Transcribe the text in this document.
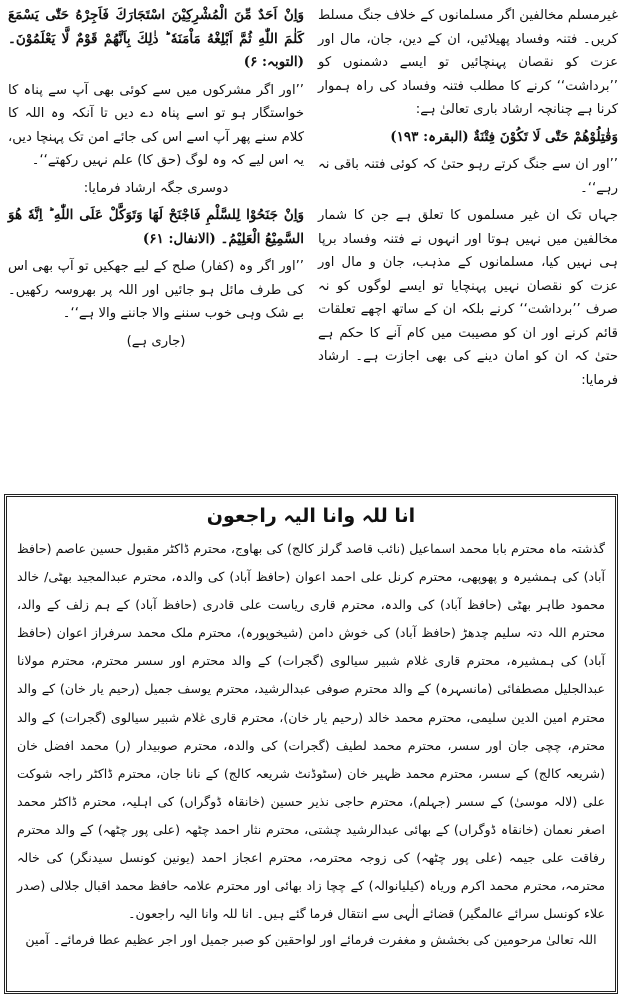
غیرمسلم مخالفین اگر مسلمانوں کے خلاف جنگ مسلط کریں۔ فتنہ وفساد پھیلائیں، ان کے دین، جان، مال اور عزت کو نقصان پہنچائیں تو ایسے دشمنوں کو ’’برداشت‘‘ کرنے کا مطلب فتنہ وفساد کی راہ ہموار کرنا ہے چنانچہ ارشاد باری تعالیٰ ہے:

وَقٰتِلُوْهُمْ حَتّٰى لَا تَكُوْنَ فِتْنَةٌ (البقرہ: ۱۹۳)

’’اور ان سے جنگ کرتے رہو حتیٰ کہ کوئی فتنہ باقی نہ رہے‘‘۔

جہاں تک ان غیر مسلموں کا تعلق ہے جن کا شمار مخالفین میں نہیں ہوتا اور انہوں نے فتنہ وفساد برپا ہی نہیں کیا، مسلمانوں کے مذہب، جان و مال اور عزت کو نقصان نہیں پہنچایا تو ایسے لوگوں کو نہ صرف ’’برداشت‘‘ کرنے بلکہ ان کے ساتھ اچھے تعلقات قائم کرنے اور ان کو مصیبت میں کام آنے کا حکم ہے حتیٰ کہ ان کو امان دینے کی بھی اجازت ہے۔ ارشاد فرمایا:

وَاِنْ اَحَدٌ مِّنَ الْمُشْرِكِيْنَ اسْتَجَارَكَ فَاَجِرْهُ حَتّٰى يَسْمَعَ كَلٰمَ اللّٰهِ ثُمَّ اَبْلِغْهُ مَاْمَنَهٗ ؕ ذٰلِكَ بِاَنَّهُمْ قَوْمٌ لَّا يَعْلَمُوْنَ۔ (التوبہ: ۶)

’’اور اگر مشرکوں میں سے کوئی بھی آپ سے پناہ کا خواستگار ہو تو اسے پناہ دے دیں تا آنکہ وہ اللہ کا کلام سنے پھر آپ اسے اس کی جائے امن تک پہنچا دیں، یہ اس لیے کہ وہ لوگ (حق کا) علم نہیں رکھتے‘‘۔

دوسری جگہ ارشاد فرمایا:

وَاِنْ جَنَحُوْا لِلسَّلْمِ فَاجْنَحْ لَهَا وَتَوَكَّلْ عَلَى اللّٰهِ ؕ اِنَّهٗ هُوَ السَّمِيْعُ الْعَلِيْمُ۔ (الانفال: ۶۱)

’’اور اگر وہ (کفار) صلح کے لیے جھکیں تو آپ بھی اس کی طرف مائل ہو جائیں اور اللہ پر بھروسہ رکھیں۔ بے شک وہی خوب سننے والا جاننے والا ہے‘‘۔

(جاری ہے)

انا للہ وانا الیہ راجعون
گذشتہ ماہ محترم بابا محمد اسماعیل (نائب قاصد گرلز کالج) کی بھاوج، محترم ڈاکٹر مقبول حسین عاصم (حافظ آباد) کی ہمشیرہ و پھوپھی، محترم کرنل علی احمد اعوان (حافظ آباد) کی والدہ، محترم عبدالمجید بھٹی/ خالد محمود طاہر بھٹی (حافظ آباد) کی والدہ، محترم قاری ریاست علی قادری (حافظ آباد) کے ہم زلف کے والد، محترم اللہ دتہ سلیم چدھڑ (حافظ آباد) کی خوش دامن (شیخوپورہ)، محترم ملک محمد سرفراز اعوان (حافظ آباد) کی ہمشیرہ، محترم قاری غلام شبیر سیالوی (گجرات) کے والد محترم اور سسر محترم، محترم مولانا عبدالجلیل مصطفائی (مانسہرہ) کے والد محترم صوفی عبدالرشید، محترم یوسف جمیل (رحیم یار خان) کے والد محترم امین الدین سلیمی، محترم محمد خالد (رحیم یار خان)، محترم قاری غلام شبیر سیالوی (گجرات) کے والد محترم، چچی جان اور سسر، محترم محمد لطیف (گجرات) کی والدہ، محترم صوبیدار (ر) محمد افضل خان (شریعہ کالج) کے سسر، محترم محمد ظہیر خان (سٹوڈنٹ شریعہ کالج) کے نانا جان، محترم ڈاکٹر راجہ شوکت علی (لالہ موسیٰ) کے سسر (جہلم)، محترم حاجی نذیر حسین (خانقاہ ڈوگراں) کی اہلیہ، محترم ڈاکٹر محمد اصغر نعمان (خانقاہ ڈوگراں) کے بھائی عبدالرشید چشتی، محترم نثار احمد چٹھہ (علی پور چٹھہ) کے والد محترم رفاقت علی جیمہ (علی پور چٹھہ) کی زوجہ محترمہ، محترم اعجاز احمد (یونین کونسل سیدنگر) کی خالہ محترمہ، محترم محمد اکرم وریاہ (کیلیانوالہ) کے چچا زاد بھائی اور محترم علامہ حافظ محمد اقبال جلالی (صدر علاء کونسل سرائے عالمگیر) قضائے الٰہی سے انتقال فرما گئے ہیں۔ انا للہ وانا الیہ راجعون۔
اللہ تعالیٰ مرحومین کی بخشش و مغفرت فرمائے اور لواحقین کو صبر جمیل اور اجر عظیم عطا فرمائے۔ آمین
